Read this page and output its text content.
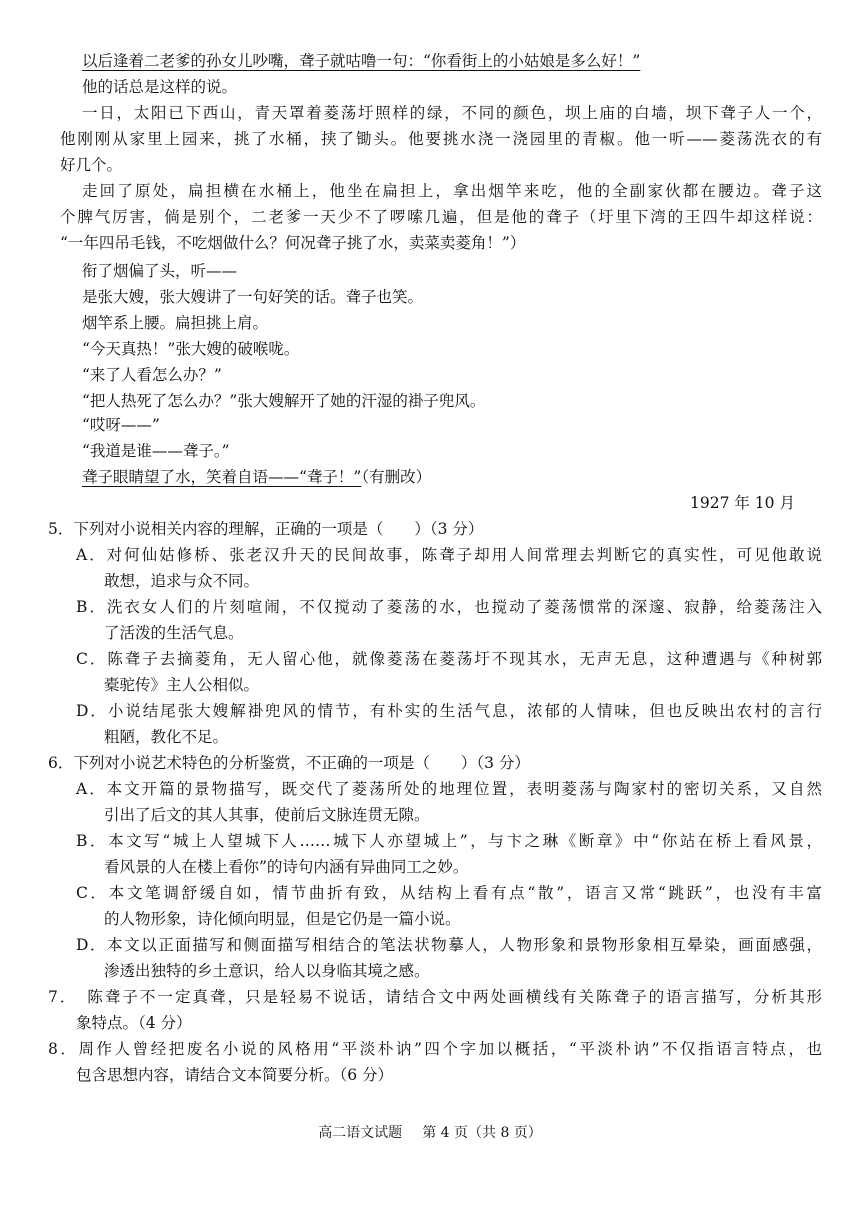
以后逢着二老爹的孙女儿吵嘴，聋子就咕噜一句：“你看街上的小姑娘是多么好！”
他的话总是这样的说。
一日，太阳已下西山，青天罩着菱荡圩照样的绿，不同的颜色，坝上庙的白墙，坝下聋子人一个，
他刚刚从家里上园来，挑了水桶，挟了锄头。他要挑水浇一浇园里的青椒。他一听——菱荡洗衣的有
好几个。
走回了原处，扁担横在水桶上，他坐在扁担上，拿出烟竿来吃，他的全副家伙都在腰边。聋子这
个脾气厉害，倘是别个，二老爹一天少不了啰嗦几遍，但是他的聋子（圩里下湾的王四牛却这样说：
“一年四吊毛钱，不吃烟做什么？何况聋子挑了水，卖菜卖菱角！”）
衔了烟偏了头，听——
是张大嫂，张大嫂讲了一句好笑的话。聋子也笑。
烟竿系上腰。扁担挑上肩。
“今天真热！”张大嫂的破喉咙。
“来了人看怎么办？”
“把人热死了怎么办？”张大嫂解开了她的汗湿的褂子兜风。
“哎呀——”
“我道是谁——聋子。”
聋子眼睛望了水，笑着自语——“聋子！”（有删改）
1927 年 10 月
5．下列对小说相关内容的理解，正确的一项是（　　）（3 分）
A．对何仙姑修桥、张老汉升天的民间故事，陈聋子却用人间常理去判断它的真实性，可见他敢说
敢想，追求与众不同。
B．洗衣女人们的片刻喧闹，不仅搅动了菱荡的水，也搅动了菱荡惯常的深邃、寂静，给菱荡注入
了活泼的生活气息。
C．陈聋子去摘菱角，无人留心他，就像菱荡在菱荡圩不现其水，无声无息，这种遭遇与《种树郭
橐驼传》主人公相似。
D．小说结尾张大嫂解褂兜风的情节，有朴实的生活气息，浓郁的人情味，但也反映出农村的言行
粗陋，教化不足。
6．下列对小说艺术特色的分析鉴赏，不正确的一项是（　　）（3 分）
A．本文开篇的景物描写，既交代了菱荡所处的地理位置，表明菱荡与陶家村的密切关系，又自然
引出了后文的其人其事，使前后文脉连贯无隙。
B．本文写“城上人望城下人……城下人亦望城上”，与卞之琳《断章》中“你站在桥上看风景，
看风景的人在楼上看你”的诗句内涵有异曲同工之妙。
C．本文笔调舒缓自如，情节曲折有致，从结构上看有点“散”，语言又常“跳跃”，也没有丰富
的人物形象，诗化倾向明显，但是它仍是一篇小说。
D．本文以正面描写和侧面描写相结合的笔法状物摹人，人物形象和景物形象相互晕染，画面感强，
渗透出独特的乡土意识，给人以身临其境之感。
7．　陈聋子不一定真聋，只是轻易不说话，请结合文中两处画横线有关陈聋子的语言描写，分析其形
象特点。（4 分）
8．周作人曾经把废名小说的风格用“平淡朴讷”四个字加以概括，“平淡朴讷”不仅指语言特点，也
包含思想内容，请结合文本简要分析。（6 分）
高二语文试题 第 4 页（共 8 页）
